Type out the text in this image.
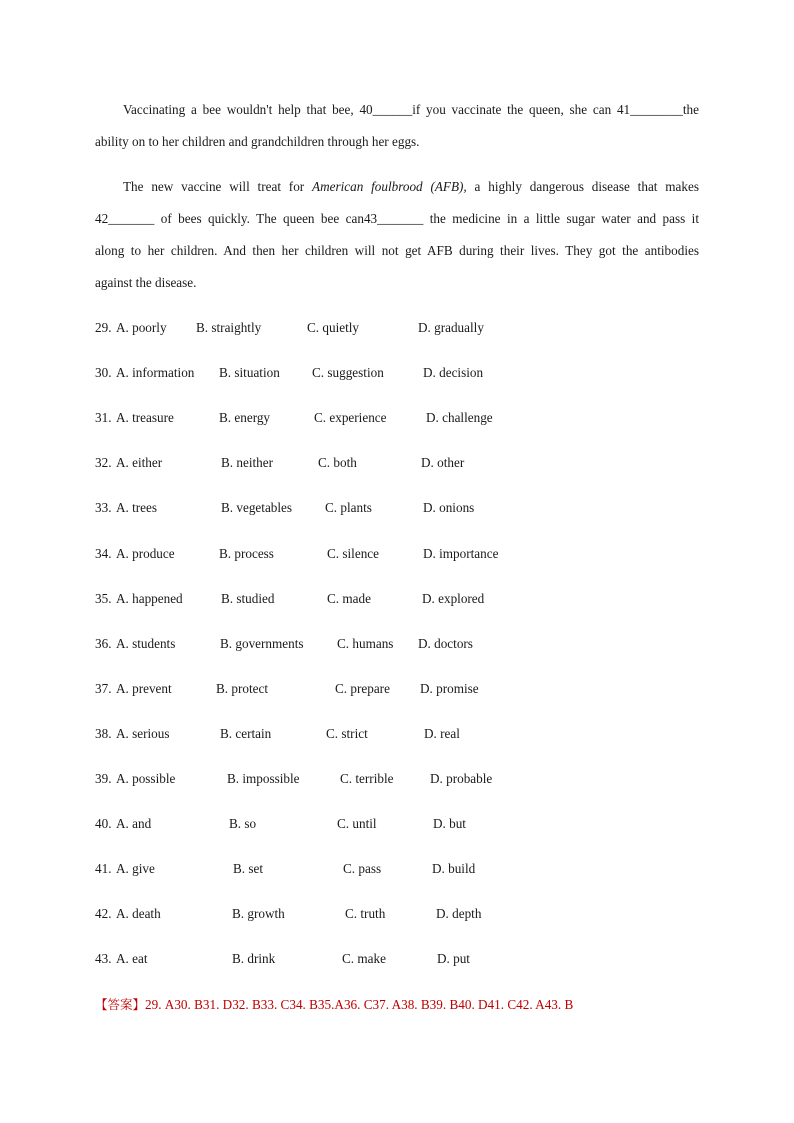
Vaccinating a bee wouldn't help that bee, 40______if you vaccinate the queen, she can 41________the
ability on to her children and grandchildren through her eggs.
The new vaccine will treat for American foulbrood (AFB), a highly dangerous disease that makes
42_______ of bees quickly. The queen bee can43_______ the medicine in a little sugar water and pass it
along to her children. And then her children will not get AFB during their lives. They got the antibodies
against the disease.
29. A. poorly B. straightly	C. quietly	D. gradually
30. A. information B. situation C. suggestion	D. decision
31. A. treasure	B. energy	C. experience	D. challenge
32. A. either	B. neither	C. both	D. other
33. A. trees	B. vegetables C. plants	D. onions
34. A. produce	B. process	C. silence	D. importance
35. A. happened	B. studied	C. made	D. explored
36. A. students	B. governments	C. humans D. doctors
37. A. prevent	B. protect	C. prepare D. promise
38. A. serious	B. certain	C. strict	D. real
39. A. possible	B. impossible	C. terrible	D. probable
40. A. and	B. so	C. until	D. but
41. A. give	B. set	C. pass	D. build
42. A. death	B. growth	C. truth	D. depth
43. A. eat	B. drink	C. make	D. put
【答案】29. A30. B31. D32. B33. C34. B35.A36. C37. A38. B39. B40. D41. C42. A43. B
